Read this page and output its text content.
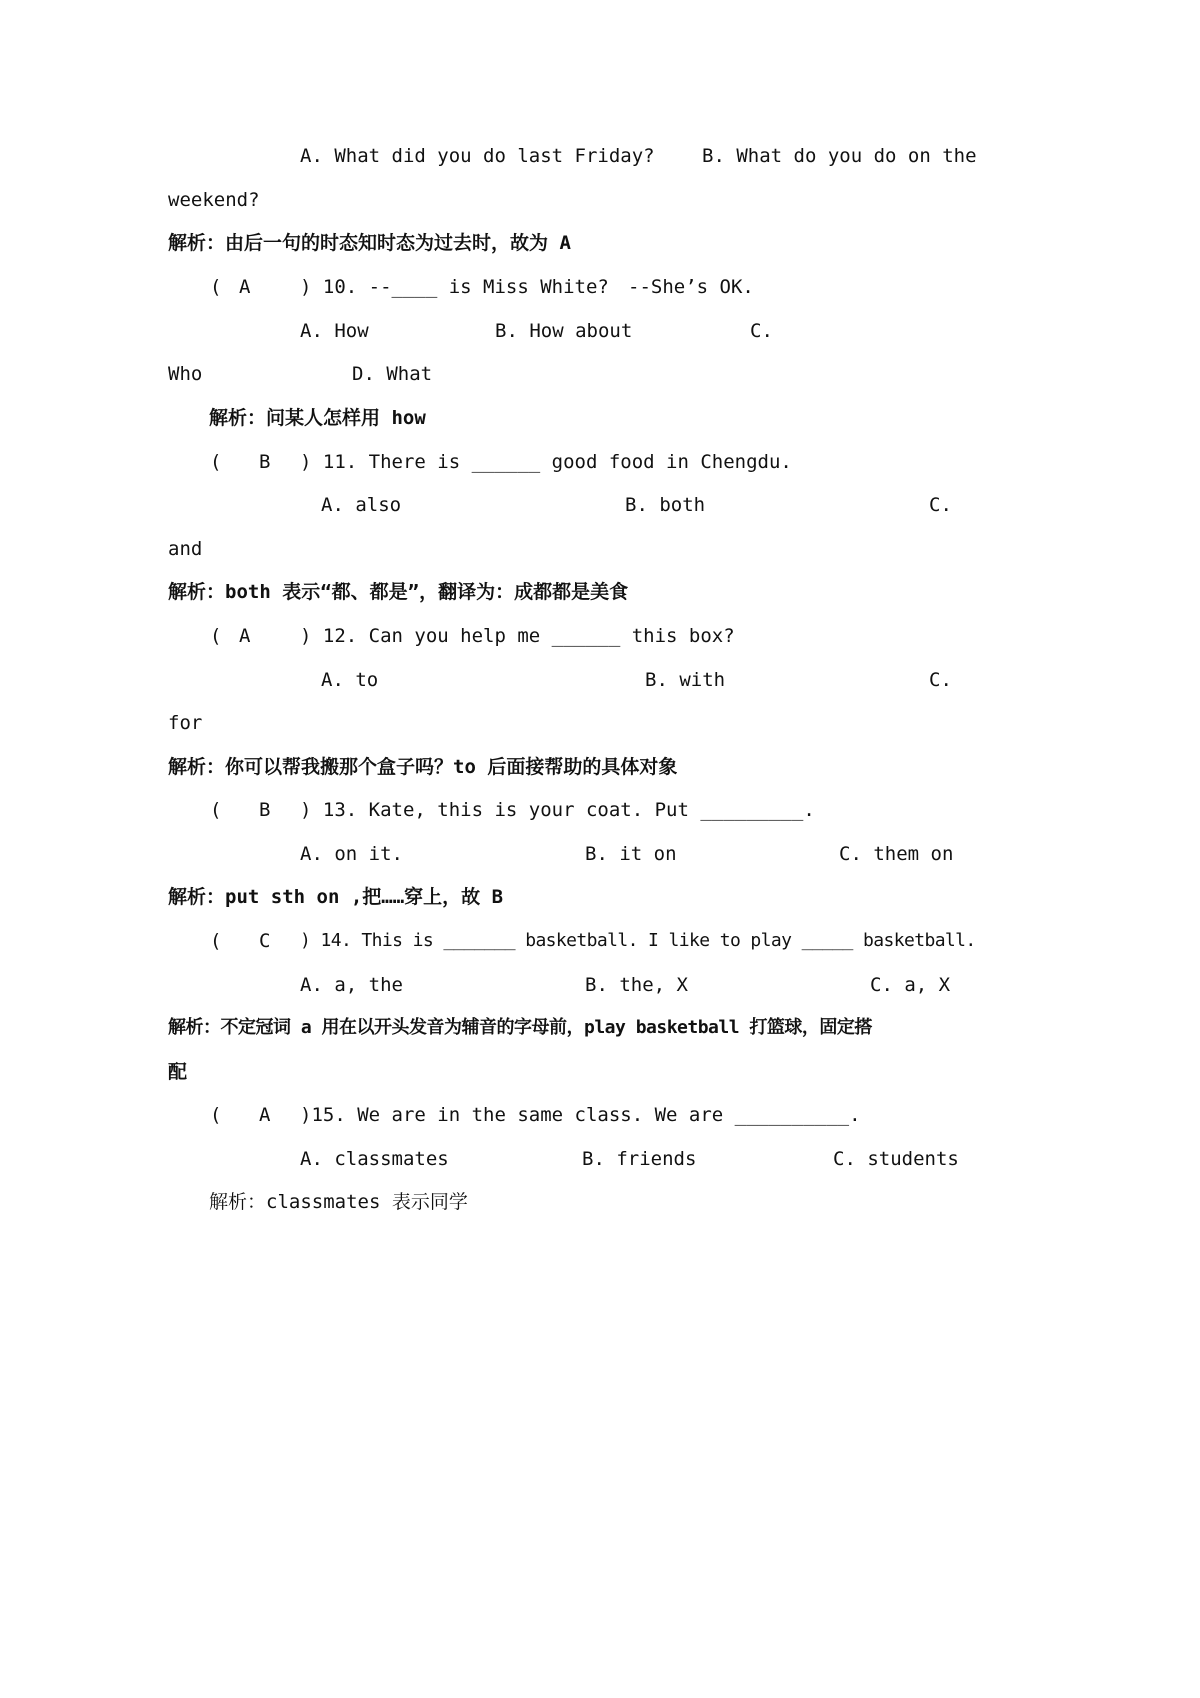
A. What did you do last Friday? B. What do you do on the
weekend?
解析：由后一句的时态知时态为过去时，故为 A
( A	) 10. --____ is Miss White? --She’s OK.
A. How	B. How about	C.
Who	D. What
解析：问某人怎样用 how
( B ) 11. There is ______ good food in Chengdu.
A. also	B. both	C.
and
解析：both 表示“都、都是”，翻译为：成都都是美食
( A	) 12. Can you help me ______ this box?
A. to	B. with	C.
for
解析：你可以帮我搬那个盒子吗？to 后面接帮助的具体对象
( B ) 13. Kate, this is your coat. Put _________.
A. on it.	B. it on	C. them on
解析：put sth on ,把……穿上，故 B
( C ) 14. This is _______ basketball. I like to play _____ basketball.
A. a, the	B. the, X	C. a, X
解析：不定冠词 a 用在以开头发音为辅音的字母前，play basketball 打篮球，固定搭
配
( A )15. We are in the same class. We are __________.
A. classmates	B. friends	C. students
解析：classmates 表示同学
